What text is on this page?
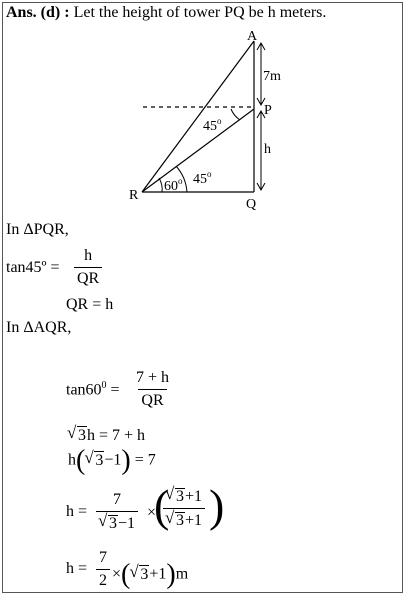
Ans. (d) : Let the height of tower PQ be h meters.
A
P
Q
R
7m
h
45$^o$
60$^o$ 45$^o$
In ΔPQR,
tan45º = $\frac{h}{QR}$
QR = h
In ΔAQR,
$\tan 60^0 = \frac{7 + h}{QR}$
√ 3h = 7 + h
h( √ 3−1) = 7
h = 7
√ 3−1 ×
(
√ 3+1
√ 3+1 )
$h = \frac{7}{2}$ ×( √ 3+1)m
